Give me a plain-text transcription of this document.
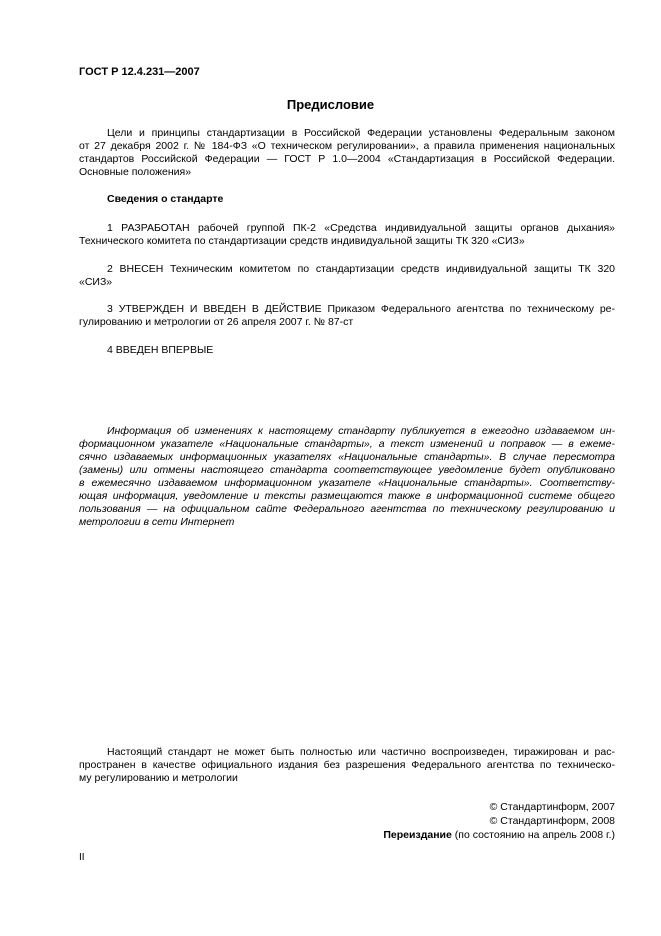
ГОСТ Р 12.4.231—2007
Предисловие
Цели и принципы стандартизации в Российской Федерации установлены Федеральным законом
от 27 декабря 2002 г. № 184-ФЗ «О техническом регулировании», а правила применения национальных
стандартов Российской Федерации — ГОСТ Р 1.0—2004 «Стандартизация в Российской Федерации.
Основные положения»
Сведения о стандарте
1 РАЗРАБОТАН рабочей группой ПК-2 «Средства индивидуальной защиты органов дыхания»
Технического комитета по стандартизации средств индивидуальной защиты ТК 320 «СИЗ»
2 ВНЕСЕН Техническим комитетом по стандартизации средств индивидуальной защиты ТК 320
«СИЗ»
3 УТВЕРЖДЕН И ВВЕДЕН В ДЕЙСТВИЕ Приказом Федерального агентства по техническому ре-
гулированию и метрологии от 26 апреля 2007 г. № 87-ст
4 ВВЕДЕН ВПЕРВЫЕ
Информация об изменениях к настоящему стандарту публикуется в ежегодно издаваемом ин-
формационном указателе «Национальные стандарты», а текст изменений и поправок — в ежеме-
сячно издаваемых информационных указателях «Национальные стандарты». В случае пересмотра
(замены) или отмены настоящего стандарта соответствующее уведомление будет опубликовано
в ежемесячно издаваемом информационном указателе «Национальные стандарты». Соответству-
ющая информация, уведомление и тексты размещаются также в информационной системе общего
пользования — на официальном сайте Федерального агентства по техническому регулированию и
метрологии в сети Интернет
Настоящий стандарт не может быть полностью или частично воспроизведен, тиражирован и рас-
пространен в качестве официального издания без разрешения Федерального агентства по техническо-
му регулированию и метрологии
© Стандартинформ, 2007
© Стандартинформ, 2008
Переиздание (по состоянию на апрель 2008 г.)
II
